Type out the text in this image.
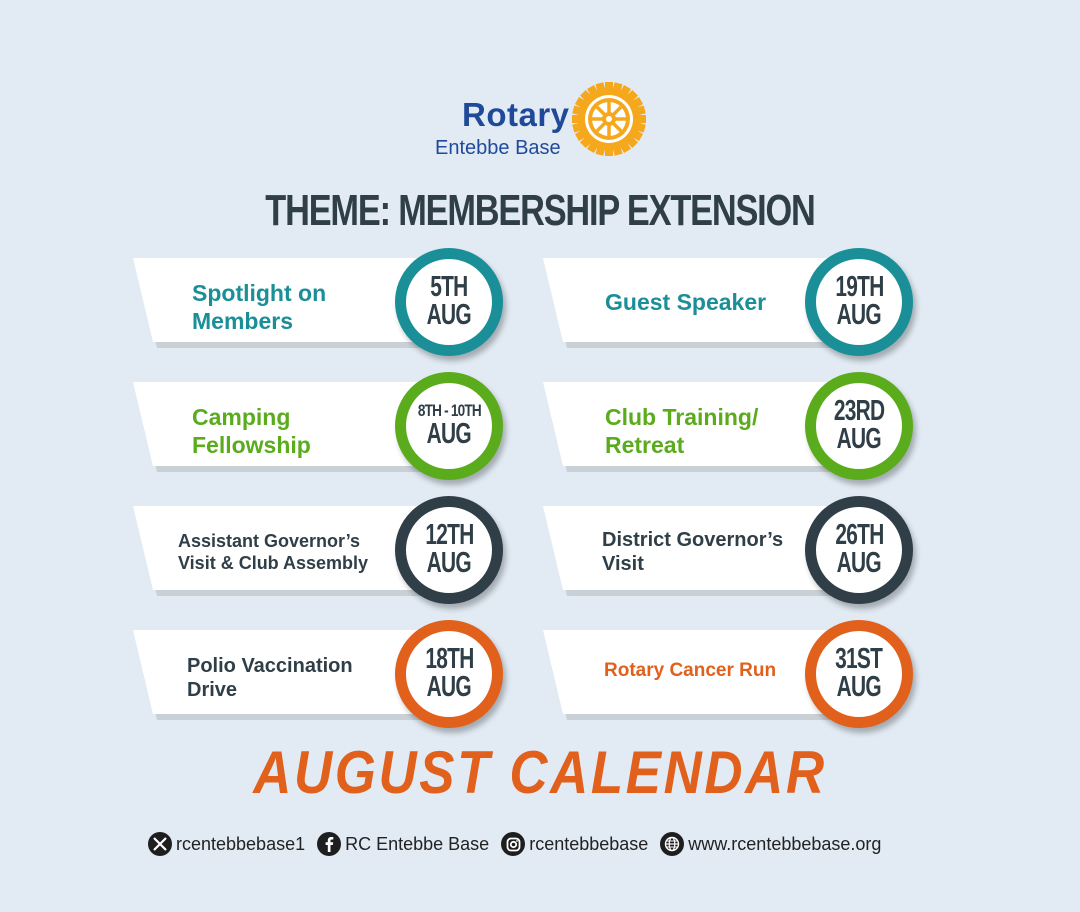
Rotary
Entebbe Base
THEME: MEMBERSHIP EXTENSION
Spotlight on
Members
5TH
AUG	Guest Speaker 19TH
AUG
Camping
Fellowship
8TH - 10TH
AUG
Club Training/
Retreat
23RD
AUG
Assistant Governor’s
Visit & Club Assembly
12TH
AUG
District Governor’s
Visit
26TH
AUG
Polio Vaccination
Drive
18TH
AUG
Rotary Cancer Run 31ST
AUG
AUGUST CALENDAR
rcentebbebase1 RC Entebbe Base rcentebbebase www.rcentebbebase.org
